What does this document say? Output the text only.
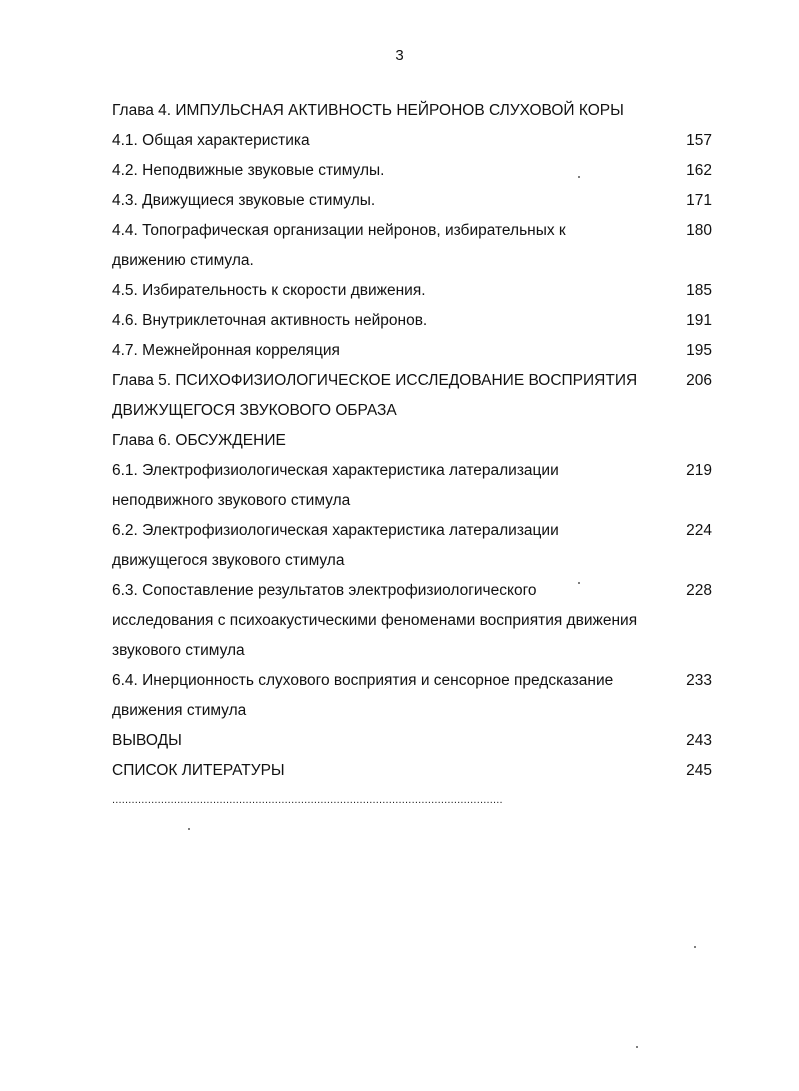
3
Глава 4. ИМПУЛЬСНАЯ АКТИВНОСТЬ НЕЙРОНОВ СЛУХОВОЙ КОРЫ
4.1. Общая характеристика	157
4.2. Неподвижные звуковые стимулы.	162
4.3. Движущиеся звуковые стимулы.	171
4.4. Топографическая организации нейронов, избирательных к	180
движению стимула.
4.5. Избирательность к скорости движения.	185
4.6. Внутриклеточная активность нейронов.	191
4.7. Межнейронная корреляция	195
Глава 5. ПСИХОФИЗИОЛОГИЧЕСКОЕ ИССЛЕДОВАНИЕ ВОСПРИЯТИЯ	206
ДВИЖУЩЕГОСЯ ЗВУКОВОГО ОБРАЗА
Глава 6. ОБСУЖДЕНИЕ
6.1. Электрофизиологическая характеристика латерализации	219
неподвижного звукового стимула
6.2. Электрофизиологическая характеристика латерализации	224
движущегося звукового стимула
6.3. Сопоставление результатов электрофизиологического	228
исследования с психоакустическими феноменами восприятия движения
звукового стимула
6.4. Инерционность слухового восприятия и сенсорное предсказание	233
движения стимула
ВЫВОДЫ	243
СПИСОК ЛИТЕРАТУРЫ	245
........................................................................................................................
